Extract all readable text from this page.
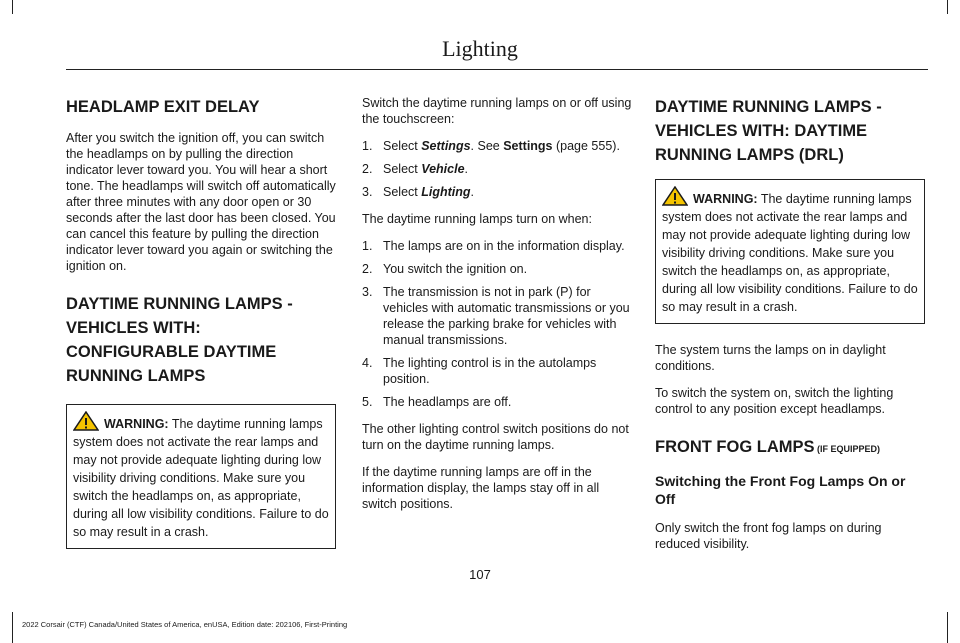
Lighting
HEADLAMP EXIT DELAY

After you switch the ignition off, you can switch the headlamps on by pulling the direction indicator lever toward you. You will hear a short tone. The headlamps will switch off automatically after three minutes with any door open or 30 seconds after the last door has been closed. You can cancel this feature by pulling the direction indicator lever toward you again or switching the ignition on.

DAYTIME RUNNING LAMPS - VEHICLES WITH: CONFIGURABLE DAYTIME RUNNING LAMPS
WARNING: The daytime running lamps system does not activate the rear lamps and may not provide adequate lighting during low visibility driving conditions. Make sure you switch the headlamps on, as appropriate, during all low visibility conditions. Failure to do so may result in a crash.

Switch the daytime running lamps on or off using the touchscreen:

1. Select Settings. See Settings (page 555).
2. Select Vehicle.
3. Select Lighting.

The daytime running lamps turn on when:

1. The lamps are on in the information display.
2. You switch the ignition on.
3. The transmission is not in park (P) for vehicles with automatic transmissions or you release the parking brake for vehicles with manual transmissions.
4. The lighting control is in the autolamps position.
5. The headlamps are off.

The other lighting control switch positions do not turn on the daytime running lamps.

If the daytime running lamps are off in the information display, the lamps stay off in all switch positions.

DAYTIME RUNNING LAMPS - VEHICLES WITH: DAYTIME RUNNING LAMPS (DRL)
WARNING: The daytime running lamps system does not activate the rear lamps and may not provide adequate lighting during low visibility driving conditions. Make sure you switch the headlamps on, as appropriate, during all low visibility conditions. Failure to do so may result in a crash.

The system turns the lamps on in daylight conditions.

To switch the system on, switch the lighting control to any position except headlamps.

FRONT FOG LAMPS (IF EQUIPPED)
Switching the Front Fog Lamps On or Off

Only switch the front fog lamps on during reduced visibility.

107
2022 Corsair (CTF) Canada/United States of America, enUSA, Edition date: 202106, First-Printing
